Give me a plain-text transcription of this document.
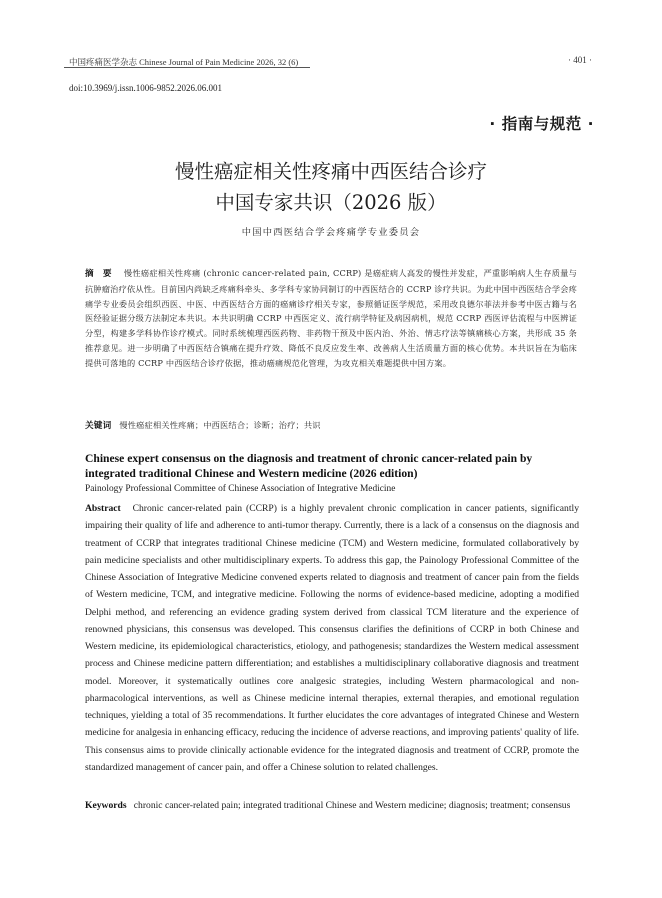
中国疼痛医学杂志 Chinese Journal of Pain Medicine 2026, 32 (6)	· 401 ·
doi:10.3969/j.issn.1006-9852.2026.06.001
· 指南与规范 ·
慢性癌症相关性疼痛中西医结合诊疗
中国专家共识（2026 版）
中国中西医结合学会疼痛学专业委员会
摘　要 慢性癌症相关性疼痛 (chronic cancer-related pain, CCRP) 是癌症病人高发的慢性并发症，严重影响病人生存质量与抗肿瘤治疗依从性。目前国内尚缺乏疼痛科牵头、多学科专家协同制订的中西医结合的 CCRP 诊疗共识。为此中国中西医结合学会疼痛学专业委员会组织西医、中医、中西医结合方面的癌痛诊疗相关专家，参照循证医学规范，采用改良德尔菲法并参考中医古籍与名医经验证据分级方法制定本共识。本共识明确 CCRP 中西医定义、流行病学特征及病因病机，规范 CCRP 西医评估流程与中医辨证分型，构建多学科协作诊疗模式。同时系统梳理西医药物、非药物干预及中医内治、外治、情志疗法等镇痛核心方案，共形成 35 条推荐意见。进一步明确了中西医结合镇痛在提升疗效、降低不良反应发生率、改善病人生活质量方面的核心优势。本共识旨在为临床提供可落地的 CCRP 中西医结合诊疗依据，推动癌痛规范化管理，为攻克相关难题提供中国方案。
关键词 慢性癌症相关性疼痛；中西医结合；诊断；治疗；共识
Chinese expert consensus on the diagnosis and treatment of chronic cancer-related pain by integrated traditional Chinese and Western medicine (2026 edition)
Painology Professional Committee of Chinese Association of Integrative Medicine
Abstract Chronic cancer-related pain (CCRP) is a highly prevalent chronic complication in cancer patients, significantly impairing their quality of life and adherence to anti-tumor therapy. Currently, there is a lack of a consensus on the diagnosis and treatment of CCRP that integrates traditional Chinese medicine (TCM) and Western medicine, formulated collaboratively by pain medicine specialists and other multidisciplinary experts. To address this gap, the Painology Professional Committee of the Chinese Association of Integrative Medicine convened experts related to diagnosis and treatment of cancer pain from the fields of Western medicine, TCM, and integrative medicine. Following the norms of evidence-based medicine, adopting a modified Delphi method, and referencing an evidence grading system derived from classical TCM literature and the experience of renowned physicians, this consensus was developed. This consensus clarifies the definitions of CCRP in both Chinese and Western medicine, its epidemiological characteristics, etiology, and pathogenesis; standardizes the Western medical assessment process and Chinese medicine pattern differentiation; and establishes a multidisciplinary collaborative diagnosis and treatment model. Moreover, it systematically outlines core analgesic strategies, including Western pharmacological and non-pharmacological interventions, as well as Chinese medicine internal therapies, external therapies, and emotional regulation techniques, yielding a total of 35 recommendations. It further elucidates the core advantages of integrated Chinese and Western medicine for analgesia in enhancing efficacy, reducing the incidence of adverse reactions, and improving patients' quality of life. This consensus aims to provide clinically actionable evidence for the integrated diagnosis and treatment of CCRP, promote the standardized management of cancer pain, and offer a Chinese solution to related challenges.
Keywords chronic cancer-related pain; integrated traditional Chinese and Western medicine; diagnosis; treatment; consensus
